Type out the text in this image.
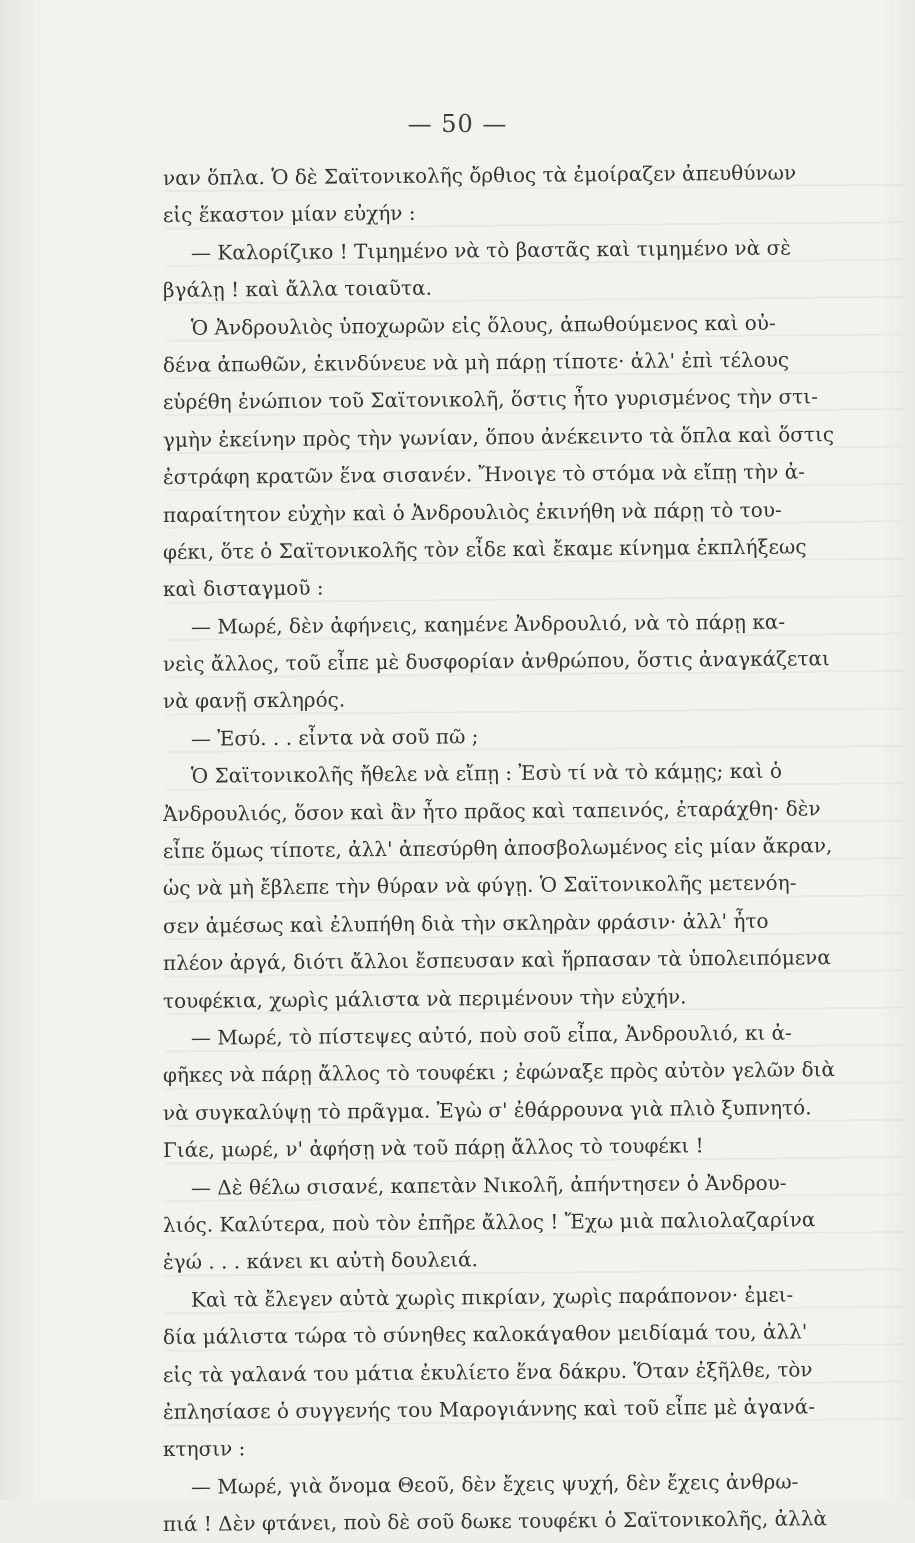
— 50 —
ναν ὅπλα. Ὁ δὲ Σαϊτονικολῆς ὄρθιος τὰ ἐμοίραζεν ἀπευθύνων
εἰς ἕκαστον μίαν εὐχήν :
— Καλορίζικο ! Τιμημένο νὰ τὸ βαστᾶς καὶ τιμημένο νὰ σὲ
βγάλῃ ! καὶ ἄλλα τοιαῦτα.
Ὁ Ἀνδρουλιὸς ὑποχωρῶν εἰς ὅλους, ἀπωθούμενος καὶ οὐ-
δένα ἀπωθῶν, ἐκινδύνευε νὰ μὴ πάρῃ τίποτε· ἀλλ' ἐπὶ τέλους
εὑρέθη ἐνώπιον τοῦ Σαϊτονικολῆ, ὅστις ἦτο γυρισμένος τὴν στι-
γμὴν ἐκείνην πρὸς τὴν γωνίαν, ὅπου ἀνέκειντο τὰ ὅπλα καὶ ὅστις
ἐστράφη κρατῶν ἕνα σισανέν. Ἤνοιγε τὸ στόμα νὰ εἴπῃ τὴν ἀ-
παραίτητον εὐχὴν καὶ ὁ Ἀνδρουλιὸς ἐκινήθη νὰ πάρῃ τὸ του-
φέκι, ὅτε ὁ Σαϊτονικολῆς τὸν εἶδε καὶ ἔκαμε κίνημα ἐκπλήξεως
καὶ δισταγμοῦ :
— Μωρέ, δὲν ἀφήνεις, καημένε Ἀνδρουλιό, νὰ τὸ πάρῃ κα-
νεὶς ἄλλος, τοῦ εἶπε μὲ δυσφορίαν ἀνθρώπου, ὅστις ἀναγκάζεται
νὰ φανῇ σκληρός.
— Ἐσύ. . . εἶντα νὰ σοῦ πῶ ;
Ὁ Σαϊτονικολῆς ἤθελε νὰ εἴπῃ : Ἐσὺ τί νὰ τὸ κάμῃς; καὶ ὁ
Ἀνδρουλιός, ὅσον καὶ ἂν ἦτο πρᾶος καὶ ταπεινός, ἐταράχθη· δὲν
εἶπε ὅμως τίποτε, ἀλλ' ἀπεσύρθη ἀποσβολωμένος εἰς μίαν ἄκραν,
ὡς νὰ μὴ ἔβλεπε τὴν θύραν νὰ φύγῃ. Ὁ Σαϊτονικολῆς μετενόη-
σεν ἀμέσως καὶ ἐλυπήθη διὰ τὴν σκληρὰν φράσιν· ἀλλ' ἦτο
πλέον ἀργά, διότι ἄλλοι ἔσπευσαν καὶ ἥρπασαν τὰ ὑπολειπόμενα
τουφέκια, χωρὶς μάλιστα νὰ περιμένουν τὴν εὐχήν.
— Μωρέ, τὸ πίστεψες αὐτό, ποὺ σοῦ εἶπα, Ἀνδρουλιό, κι ἀ-
φῆκες νὰ πάρῃ ἄλλος τὸ τουφέκι ; ἐφώναξε πρὸς αὐτὸν γελῶν διὰ
νὰ συγκαλύψῃ τὸ πρᾶγμα. Ἐγὼ σ' ἐθάρρουνα γιὰ πλιὸ ξυπνητό.
Γιάε, μωρέ, ν' ἀφήσῃ νὰ τοῦ πάρῃ ἄλλος τὸ τουφέκι !
— Δὲ θέλω σισανέ, καπετὰν Νικολῆ, ἀπήντησεν ὁ Ἀνδρου-
λιός. Καλύτερα, ποὺ τὸν ἐπῆρε ἄλλος ! Ἔχω μιὰ παλιολαζαρίνα
ἐγώ . . . κάνει κι αὐτὴ δουλειά.
Καὶ τὰ ἔλεγεν αὐτὰ χωρὶς πικρίαν, χωρὶς παράπονον· ἐμει-
δία μάλιστα τώρα τὸ σύνηθες καλοκάγαθον μειδίαμά του, ἀλλ'
εἰς τὰ γαλανά του μάτια ἐκυλίετο ἕνα δάκρυ. Ὅταν ἐξῆλθε, τὸν
ἐπλησίασε ὁ συγγενής του Μαρογιάννης καὶ τοῦ εἶπε μὲ ἀγανά-
κτησιν :
— Μωρέ, γιὰ ὄνομα Θεοῦ, δὲν ἔχεις ψυχή, δὲν ἔχεις ἀνθρω-
πιά ! Δὲν φτάνει, ποὺ δὲ σοῦ δωκε τουφέκι ὁ Σαϊτονικολῆς, ἀλλὰ
